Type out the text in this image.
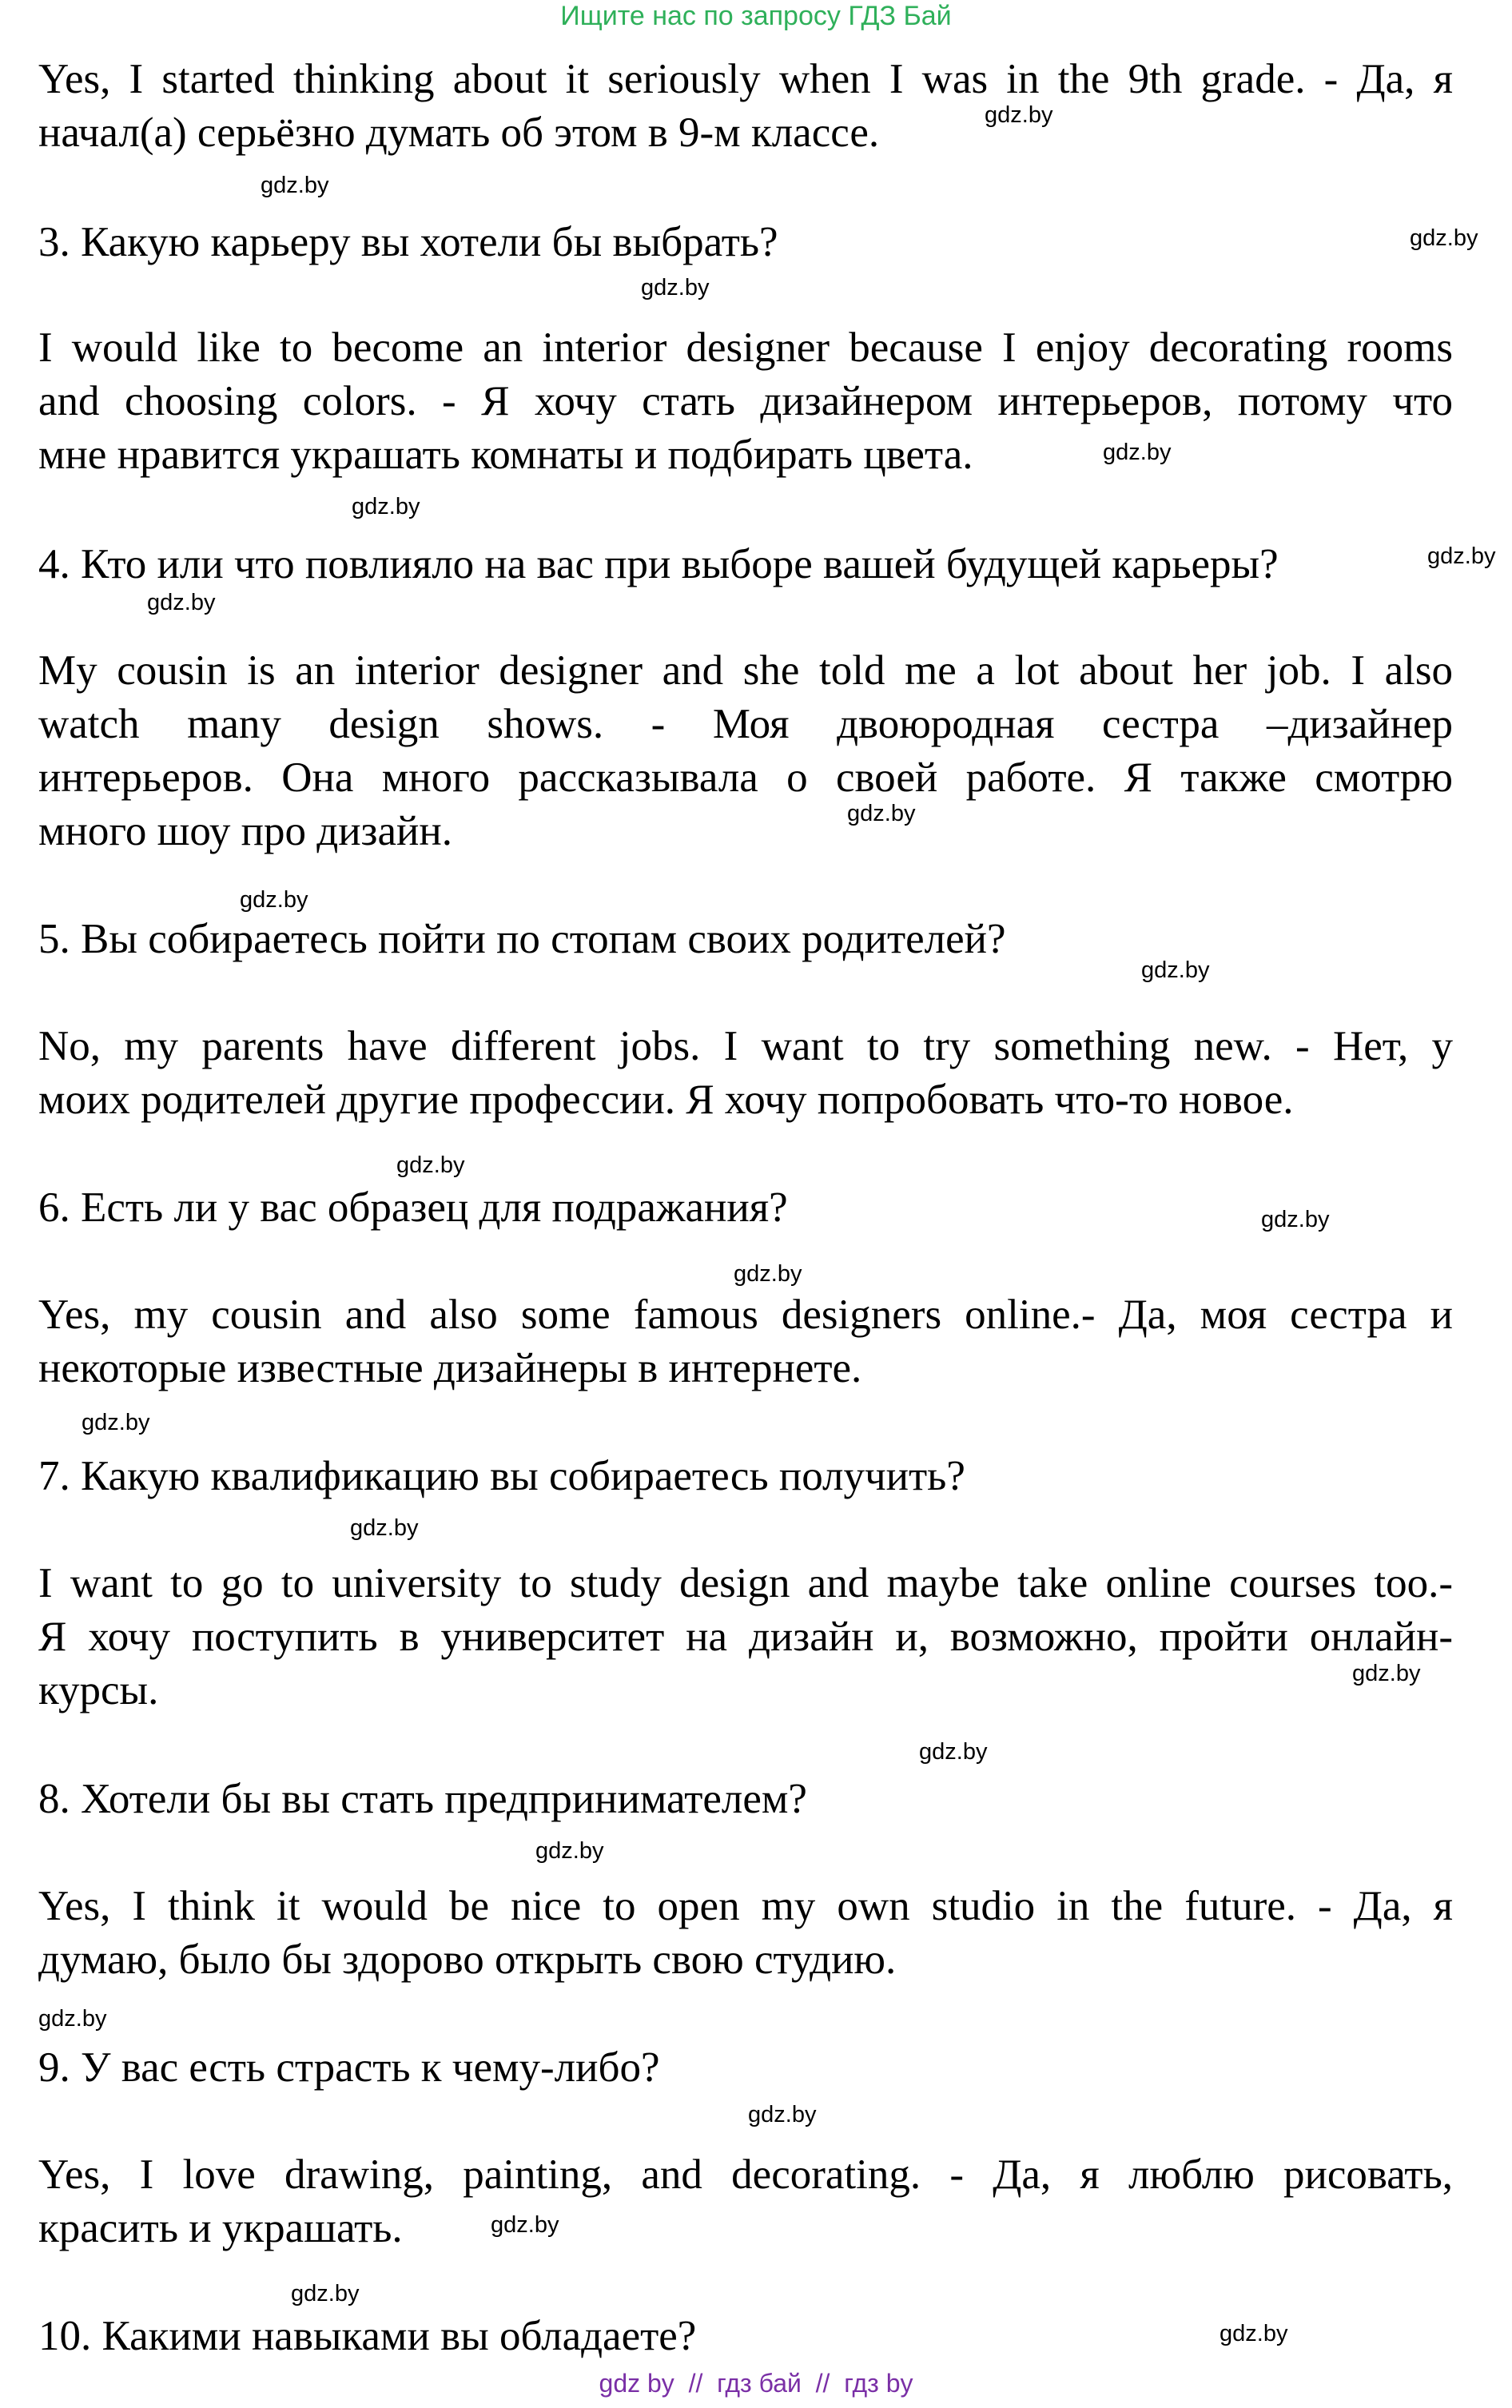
Ищите нас по запросу ГДЗ Бай
Yes, I started thinking about it seriously when I was in the 9th grade. - Да, я
начал(а) серьёзно думать об этом в 9-м классе.
3. Какую карьеру вы хотели бы выбрать?
I would like to become an interior designer because I enjoy decorating rooms
and choosing colors. - Я хочу стать дизайнером интерьеров, потому что
мне нравится украшать комнаты и подбирать цвета.
4. Кто или что повлияло на вас при выборе вашей будущей карьеры?
My cousin is an interior designer and she told me a lot about her job. I also
watch many design shows. - Моя двоюродная сестра –дизайнер
интерьеров. Она много рассказывала о своей работе. Я также смотрю
много шоу про дизайн.
5. Вы собираетесь пойти по стопам своих родителей?
No, my parents have different jobs. I want to try something new. - Нет, у
моих родителей другие профессии. Я хочу попробовать что-то новое.
6. Есть ли у вас образец для подражания?
Yes, my cousin and also some famous designers online.- Да, моя сестра и
некоторые известные дизайнеры в интернете.
7. Какую квалификацию вы собираетесь получить?
I want to go to university to study design and maybe take online courses too.-
Я хочу поступить в университет на дизайн и, возможно, пройти онлайн-
курсы.
8. Хотели бы вы стать предпринимателем?
Yes, I think it would be nice to open my own studio in the future. - Да, я
думаю, было бы здорово открыть свою студию.
9. У вас есть страсть к чему-либо?
Yes, I love drawing, painting, and decorating. - Да, я люблю рисовать,
красить и украшать.
10. Какими навыками вы обладаете?
gdz.by
gdz.by
gdz.by
gdz.by
gdz.by
gdz.by
gdz.by
gdz.by
gdz.by
gdz.by
gdz.by
gdz.by
gdz.by
gdz.by
gdz.by
gdz.by
gdz.by
gdz.by
gdz.by
gdz.by
gdz.by
gdz.by
gdz.by
gdz.by
gdz by  //  гдз бай  //  гдз by
